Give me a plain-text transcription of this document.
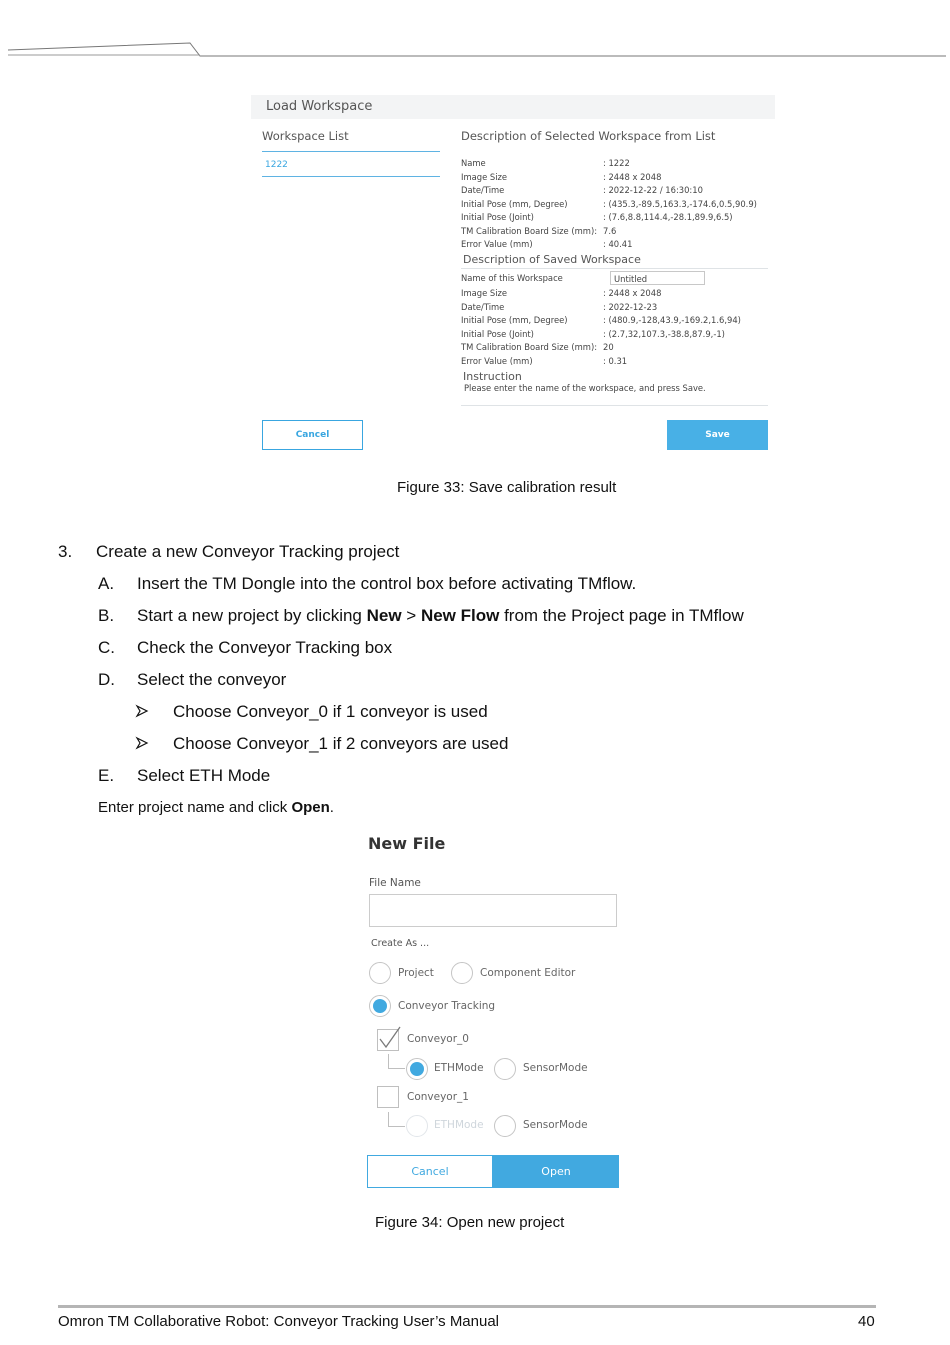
Load Workspace
Workspace List	Description of Selected Workspace from List
1222	Name	: 1222
Image Size	: 2448 x 2048
Date/Time	: 2022-12-22 / 16:30:10
Initial Pose (mm, Degree)	: (435.3,-89.5,163.3,-174.6,0.5,90.9)
Initial Pose (Joint)	: (7.6,8.8,114.4,-28.1,89.9,6.5)
TM Calibration Board Size (mm): 7.6
Error Value (mm)	: 40.41
Description of Saved Workspace
Name of this Workspace	Untitled
Image Size	: 2448 x 2048
Date/Time	: 2022-12-23
Initial Pose (mm, Degree)	: (480.9,-128,43.9,-169.2,1.6,94)
Initial Pose (Joint)	: (2.7,32,107.3,-38.8,87.9,-1)
TM Calibration Board Size (mm): 20
Error Value (mm)	: 0.31
Instruction
Please enter the name of the workspace, and press Save.
Cancel	Save
Figure 33: Save calibration result
3. Create a new Conveyor Tracking project
A. Insert the TM Dongle into the control box before activating TMflow.
B. Start a new project by clicking New > New Flow from the Project page in TMflow
C. Check the Conveyor Tracking box
D. Select the conveyor
Choose Conveyor_0 if 1 conveyor is used
Choose Conveyor_1 if 2 conveyors are used
E. Select ETH Mode
Enter project name and click Open.
New File
File Name
Create As ...
Project	Component Editor
Conveyor Tracking
Conveyor_0
ETHMode	SensorMode
Conveyor_1
ETHMode	SensorMode
Cancel	Open
Figure 34: Open new project
Omron TM Collaborative Robot: Conveyor Tracking User’s Manual	40
